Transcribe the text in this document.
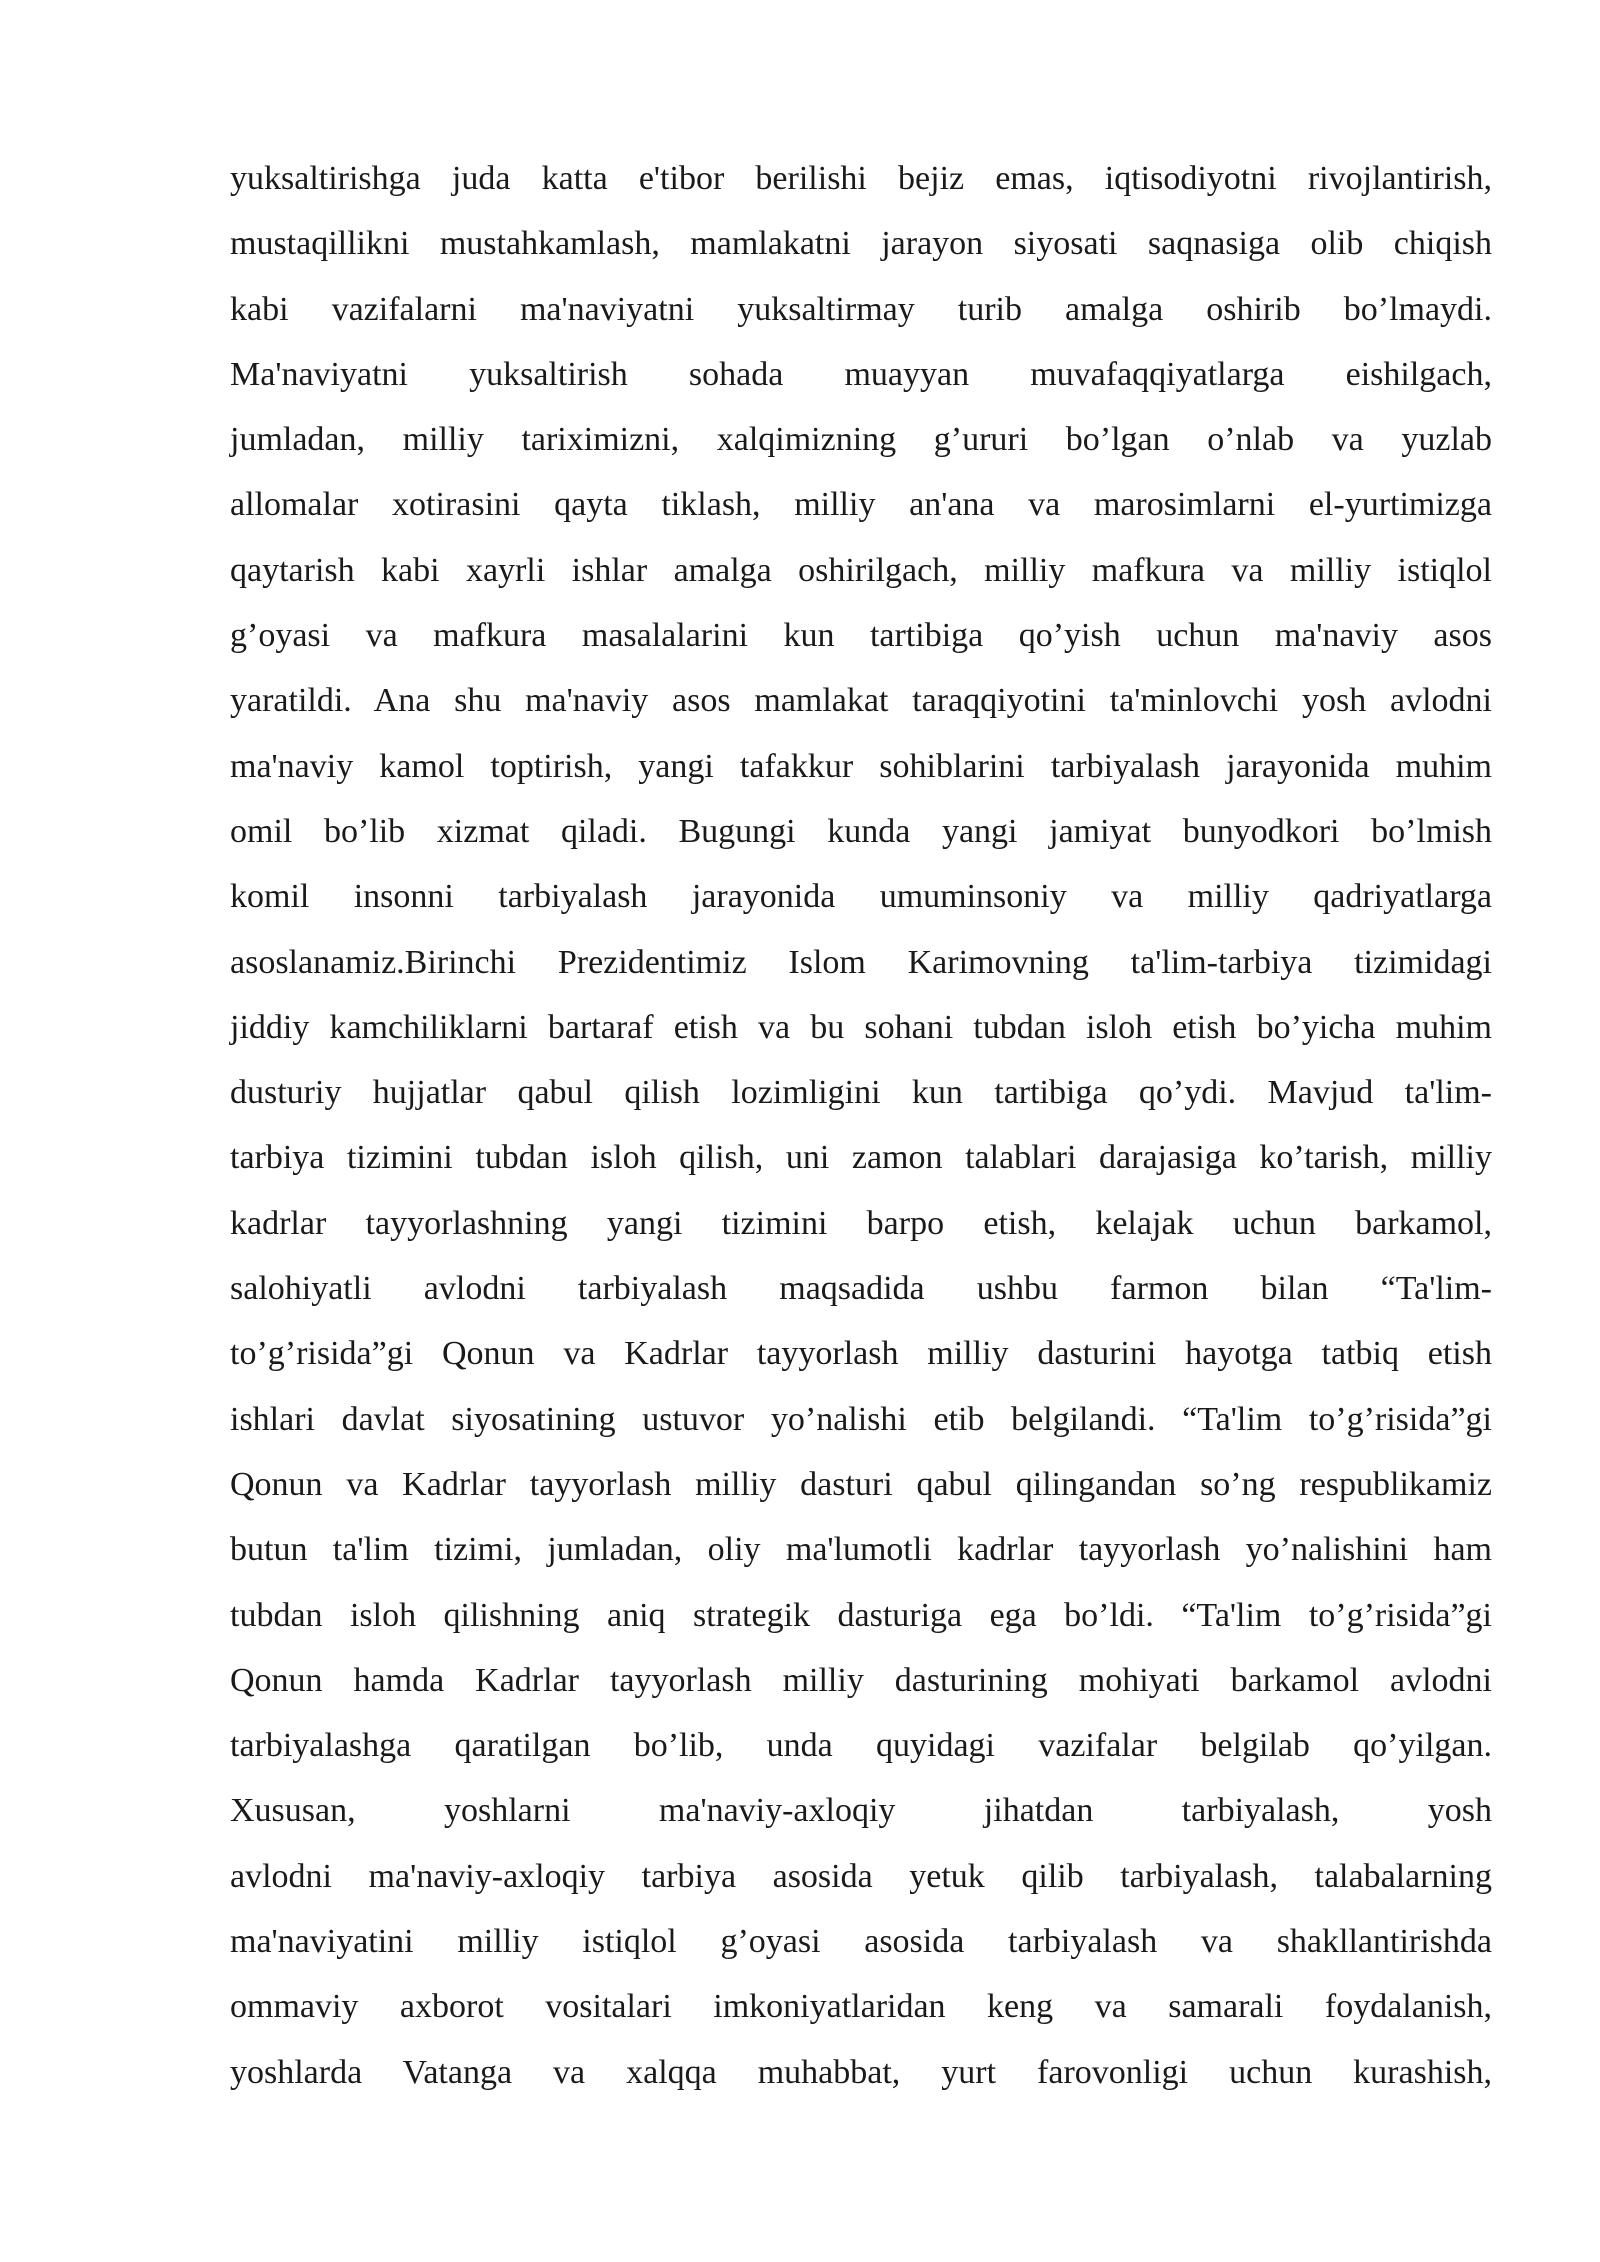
yuksaltirishga juda katta e'tibor berilishi bejiz emas, iqtisodiyotni rivojlantirish,
mustaqillikni mustahkamlash, mamlakatni jarayon siyosati saqnasiga olib chiqish
kabi vazifalarni ma'naviyatni yuksaltirmay turib amalga oshirib bo’lmaydi.
Ma'naviyatni yuksaltirish sohada muayyan muvafaqqiyatlarga eishilgach,
jumladan, milliy tariximizni, xalqimizning g’ururi bo’lgan o’nlab va yuzlab
allomalar xotirasini qayta tiklash, milliy an'ana va marosimlarni el-yurtimizga
qaytarish kabi xayrli ishlar amalga oshirilgach, milliy mafkura va milliy istiqlol
g’oyasi va mafkura masalalarini kun tartibiga qo’yish uchun ma'naviy asos
yaratildi. Ana shu ma'naviy asos mamlakat taraqqiyotini ta'minlovchi yosh avlodni
ma'naviy kamol toptirish, yangi tafakkur sohiblarini tarbiyalash jarayonida muhim
omil bo’lib xizmat qiladi. Bugungi kunda yangi jamiyat bunyodkori bo’lmish
komil insonni tarbiyalash jarayonida umuminsoniy va milliy qadriyatlarga
asoslanamiz.Birinchi Prezidentimiz Islom Karimovning ta'lim-tarbiya tizimidagi
jiddiy kamchiliklarni bartaraf etish va bu sohani tubdan isloh etish bo’yicha muhim
dusturiy hujjatlar qabul qilish lozimligini kun tartibiga qo’ydi. Mavjud ta'lim-
tarbiya tizimini tubdan isloh qilish, uni zamon talablari darajasiga ko’tarish, milliy
kadrlar tayyorlashning yangi tizimini barpo etish, kelajak uchun barkamol,
salohiyatli avlodni tarbiyalash maqsadida ushbu farmon bilan “Ta'lim-
to’g’risida”gi Qonun va Kadrlar tayyorlash milliy dasturini hayotga tatbiq etish
ishlari davlat siyosatining ustuvor yo’nalishi etib belgilandi. “Ta'lim to’g’risida”gi
Qonun va Kadrlar tayyorlash milliy dasturi qabul qilingandan so’ng respublikamiz
butun ta'lim tizimi, jumladan, oliy ma'lumotli kadrlar tayyorlash yo’nalishini ham
tubdan isloh qilishning aniq strategik dasturiga ega bo’ldi. “Ta'lim to’g’risida”gi
Qonun hamda Kadrlar tayyorlash milliy dasturining mohiyati barkamol avlodni
tarbiyalashga qaratilgan bo’lib, unda quyidagi vazifalar belgilab qo’yilgan.
Xususan, yoshlarni ma'naviy-axloqiy jihatdan tarbiyalash, yosh
avlodni ma'naviy-axloqiy tarbiya asosida yetuk qilib tarbiyalash, talabalarning
ma'naviyatini milliy istiqlol g’oyasi asosida tarbiyalash va shakllantirishda
ommaviy axborot vositalari imkoniyatlaridan keng va samarali foydalanish,
yoshlarda Vatanga va xalqqa muhabbat, yurt farovonligi uchun kurashish,
